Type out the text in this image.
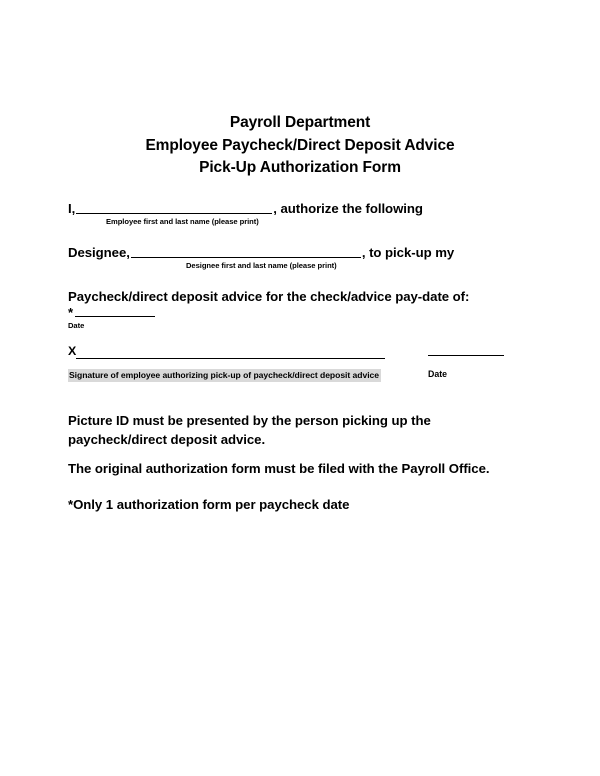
Payroll Department
Employee Paycheck/Direct Deposit Advice
Pick-Up Authorization Form
I,	, authorize the following
Employee first and last name (please print)
Designee,	, to pick-up my
Designee first and last name (please print)
Paycheck/direct deposit advice for the check/advice pay-date of:
*
Date
X
Signature of employee authorizing pick-up of paycheck/direct deposit advice	Date
Picture ID must be presented by the person picking up the paycheck/direct deposit advice.
The original authorization form must be filed with the Payroll Office.
*Only 1 authorization form per paycheck date
